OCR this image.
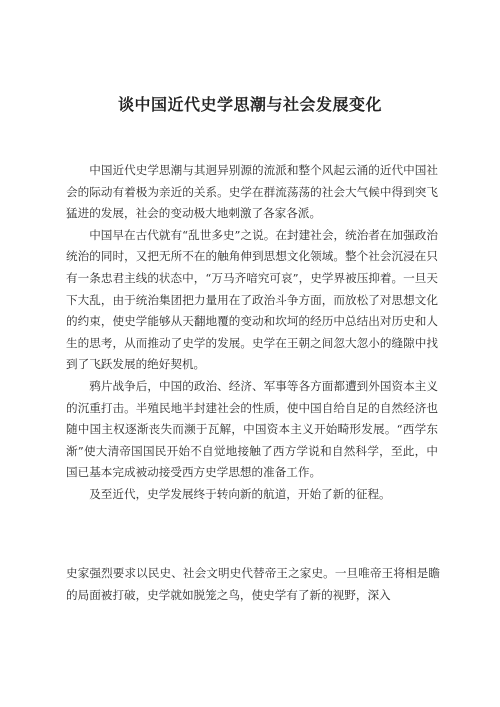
谈中国近代史学思潮与社会发展变化

中国近代史学思潮与其迥异别源的流派和整个风起云涌的近代中国社会的际动有着极为亲近的关系。史学在群流荡荡的社会大气候中得到突飞猛进的发展，社会的变动极大地刺激了各家各派。

中国早在古代就有“乱世多史”之说。在封建社会，统治者在加强政治统治的同时，又把无所不在的触角伸到思想文化领域。整个社会沉浸在只有一条忠君主线的状态中，“万马齐喑究可哀”，史学界被压抑着。一旦天下大乱，由于统治集团把力量用在了政治斗争方面，而放松了对思想文化的约束，使史学能够从天翻地覆的变动和坎坷的经历中总结出对历史和人生的思考，从而推动了史学的发展。史学在王朝之间忽大忽小的缝隙中找到了飞跃发展的绝好契机。

鸦片战争后，中国的政治、经济、军事等各方面都遭到外国资本主义的沉重打击。半殖民地半封建社会的性质，使中国自给自足的自然经济也随中国主权逐渐丧失而濒于瓦解，中国资本主义开始畸形发展。“西学东渐”使大清帝国国民开始不自觉地接触了西方学说和自然科学，至此，中国已基本完成被动接受西方史学思想的准备工作。

及至近代，史学发展终于转向新的航道，开始了新的征程。

史家强烈要求以民史、社会文明史代替帝王之家史。一旦唯帝王将相是瞻的局面被打破，史学就如脱笼之鸟，使史学有了新的视野，深入
